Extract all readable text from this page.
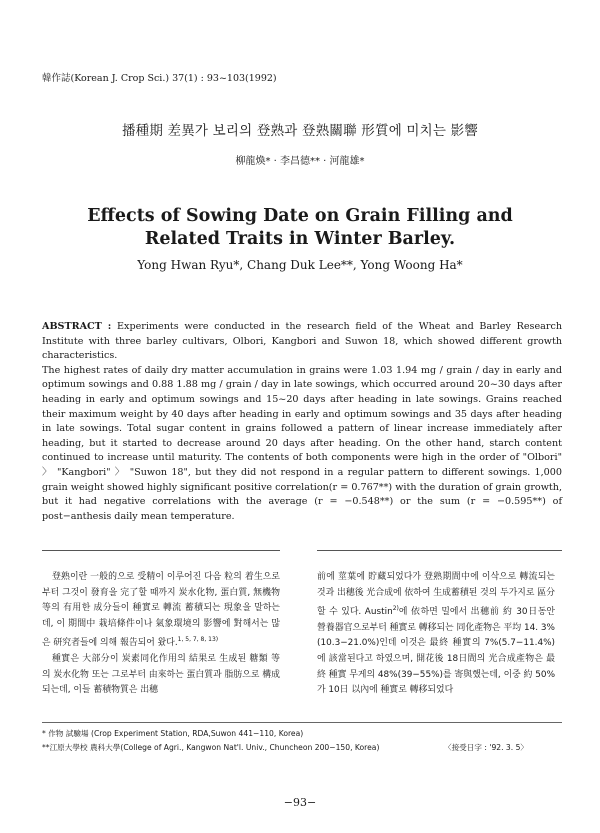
韓作誌(Korean J. Crop Sci.) 37(1) : 93~103(1992)
播種期 差異가 보리의 登熟과 登熟關聯 形質에 미치는 影響
柳龍煥* · 李昌德** · 河龍雄*
Effects of Sowing Date on Grain Filling and
Related Traits in Winter Barley.
Yong Hwan Ryu*, Chang Duk Lee**, Yong Woong Ha*

ABSTRACT : Experiments were conducted in the research field of the Wheat and Barley Research Institute with three barley cultivars, Olbori, Kangbori and Suwon 18, which showed different growth characteristics.

The highest rates of daily dry matter accumulation in grains were 1.03 1.94 mg / grain / day in early and optimum sowings and 0.88 1.88 mg / grain / day in late sowings, which occurred around 20~30 days after heading in early and optimum sowings and 15~20 days after heading in late sowings. Grains reached their maximum weight by 40 days after heading in early and optimum sowings and 35 days after heading in late sowings. Total sugar content in grains followed a pattern of linear increase immediately after heading, but it started to decrease around 20 days after heading. On the other hand, starch content continued to increase until maturity. The contents of both components were high in the order of "Olbori" 〉 "Kangbori" 〉 "Suwon 18", but they did not respond in a regular pattern to different sowings. 1,000 grain weight showed highly significant positive correlation(r = 0.767**) with the duration of grain growth, but it had negative correlations with the average (r = −0.548**) or the sum (r = −0.595**) of post−anthesis daily mean temperature.

登熟이란 一般的으로 受精이 이루어진 다음 粒의 着生으로 부터 그것이 發育을 完了할 때까지 炭水化物, 蛋白質, 無機物 等의 有用한 成分들이 種實로 轉流 蓄積되는 現象을 말하는데, 이 期間中 栽培條件이나 氣象環境의 影響에 對해서는 많은 研究者들에 의해 報告되어 왔다.$^{1, 5, 7, 8, 13)}$

種實은 大部分이 炭素同化作用의 結果로 生成된 糖類 等의 炭水化物 또는 그로부터 由來하는 蛋白質과 脂肪으로 構成되는데, 이들 蓄積物質은 出穗

前에 莖葉에 貯藏되었다가 登熟期間中에 이삭으로 轉流되는 것과 出穗後 光合成에 依하여 生成蓄積된 것의 두가지로 區分할 수 있다. Austin$^{2)}$에 依하면 밀에서 出穗前 約 30日동안 營養器官으로부터 種實로 轉移되는 同化產物은 平均 14. 3% (10.3−21.0%)인데 이것은 最終 種實의 7%(5.7−11.4%)에 該當된다고 하였으며, 開花後 18日間의 光合成產物은 最終 種實 무게의 48%(39−55%)를 寄與했는데, 이중 約 50%가 10日 以內에 種實로 轉移되었다

* 作物 試驗場 (Crop Experiment Station, RDA,Suwon 441−110, Korea)
**江原大學校 農科大學(College of Agri., Kangwon Nat'l. Univ., Chuncheon 200−150, Korea)	〈接受日字 : '92. 3. 5〉
−93−
